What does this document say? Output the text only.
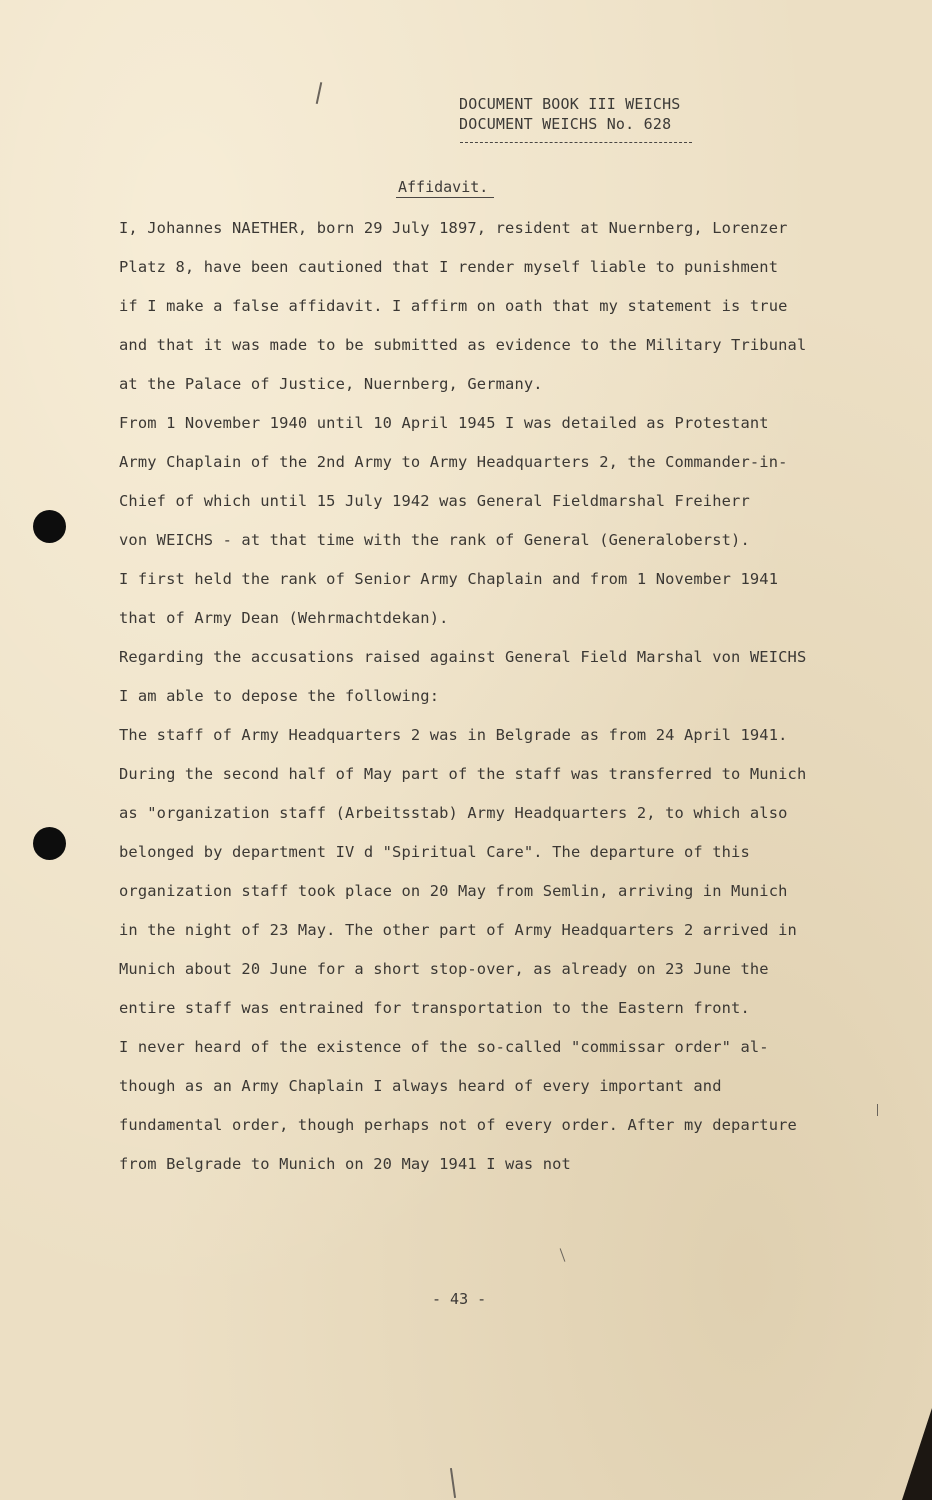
DOCUMENT BOOK III WEICHS
DOCUMENT WEICHS No. 628
Affidavit.
I, Johannes NAETHER, born 29 July 1897, resident at Nuernberg, Lorenzer
Platz 8, have been cautioned that I render myself liable to punishment
if I make a false affidavit. I affirm on oath that my statement is true
and that it was made to be submitted as evidence to the Military Tribunal
at the Palace of Justice, Nuernberg, Germany.
From 1 November 1940 until 10 April 1945 I was detailed as Protestant
Army Chaplain of the 2nd Army to Army Headquarters 2, the Commander-in-
Chief of which until 15 July 1942 was General Fieldmarshal Freiherr
von WEICHS - at that time with the rank of General (Generaloberst).
I first held the rank of Senior Army Chaplain and from 1 November 1941
that of Army Dean (Wehrmachtdekan).
Regarding the accusations raised against General Field Marshal von WEICHS
I am able to depose the following:
The staff of Army Headquarters 2 was in Belgrade as from 24 April 1941.
During the second half of May part of the staff was transferred to Munich
as "organization staff (Arbeitsstab) Army Headquarters 2, to which also
belonged by department IV d "Spiritual Care". The departure of this
organization staff took place on 20 May from Semlin, arriving in Munich
in the night of 23 May. The other part of Army Headquarters 2 arrived in
Munich about 20 June for a short stop-over, as already on 23 June the
entire staff was entrained for transportation to the Eastern front.
I never heard of the existence of the so-called "commissar order" al-
though as an Army Chaplain I always heard of every important and
fundamental order, though perhaps not of every order. After my departure
from Belgrade to Munich on 20 May 1941 I was not
- 43 -
